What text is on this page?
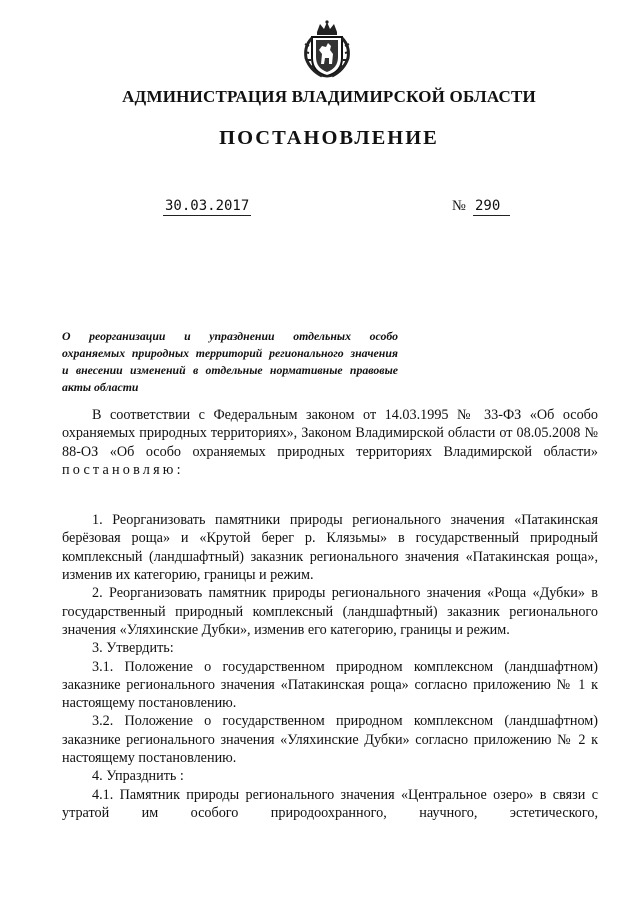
АДМИНИСТРАЦИЯ ВЛАДИМИРСКОЙ ОБЛАСТИ
ПОСТАНОВЛЕНИЕ
30.03.2017	№ 290
О реорганизации и упразднении отдельных особо
охраняемых природных территорий регионального значения
и внесении изменений в отдельные нормативные правовые
акты области

В соответствии с Федеральным законом от 14.03.1995 № 33-ФЗ «Об особо охраняемых природных территориях», Законом Владимирской области от 08.05.2008 № 88-ОЗ «Об особо охраняемых природных территориях Владимирской области» постановляю:

1. Реорганизовать памятники природы регионального значения «Патакинская берёзовая роща» и «Крутой берег р. Клязьмы» в государственный природный комплексный (ландшафтный) заказник регионального значения «Патакинская роща», изменив их категорию, границы и режим.

2. Реорганизовать памятник природы регионального значения «Роща «Дубки» в государственный природный комплексный (ландшафтный) заказник регионального значения «Уляхинские Дубки», изменив его категорию, границы и режим.

3. Утвердить:

3.1. Положение о государственном природном комплексном (ландшафтном) заказнике регионального значения «Патакинская роща» согласно приложению № 1 к настоящему постановлению.

3.2. Положение о государственном природном комплексном (ландшафтном) заказнике регионального значения «Уляхинские Дубки» согласно приложению № 2 к настоящему постановлению.

4. Упразднить :

4.1. Памятник природы регионального значения «Центральное озеро» в связи с утратой им особого природоохранного, научного, эстетического,
